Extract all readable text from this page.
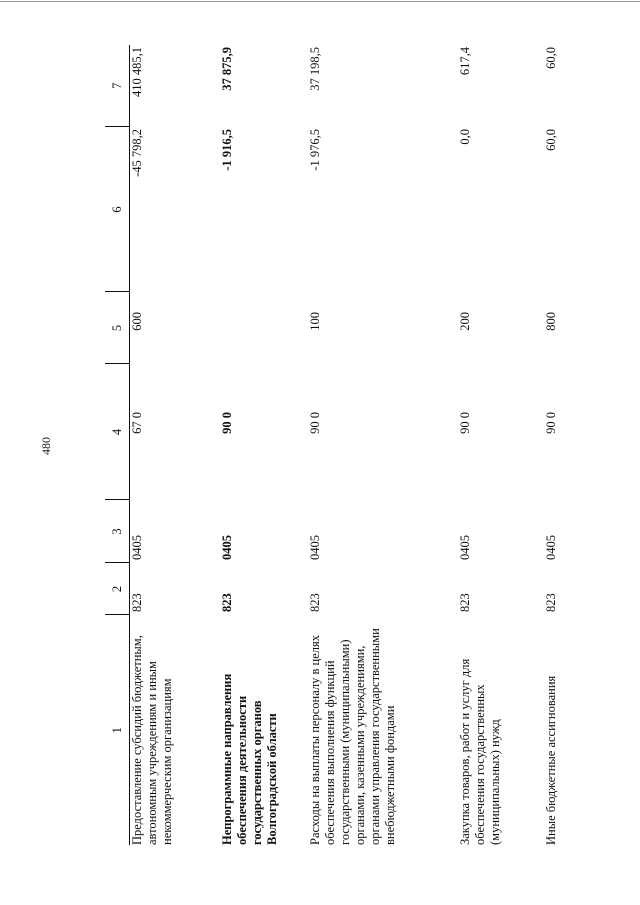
480
1	2	3	4	5	6	7
Предоставление субсидий бюджетным, автономным учреждениям и иным некоммерческим организациям	823	0405	67 0	600	-45 798,2	410 485,1
Непрограммные направления обеспечения деятельности государственных органов Волгоградской области	823	0405	90 0		-1 916,5	37 875,9
Расходы на выплаты персоналу в целях обеспечения выполнения функций государственными (муниципальными) органами, казенными учреждениями, органами управления государственными внебюджетными фондами	823	0405	90 0	100	-1 976,5	37 198,5
Закупка товаров, работ и услуг для обеспечения государственных (муниципальных) нужд	823	0405	90 0	200	0,0	617,4
Иные бюджетные ассигнования	823	0405	90 0	800	60,0	60,0
